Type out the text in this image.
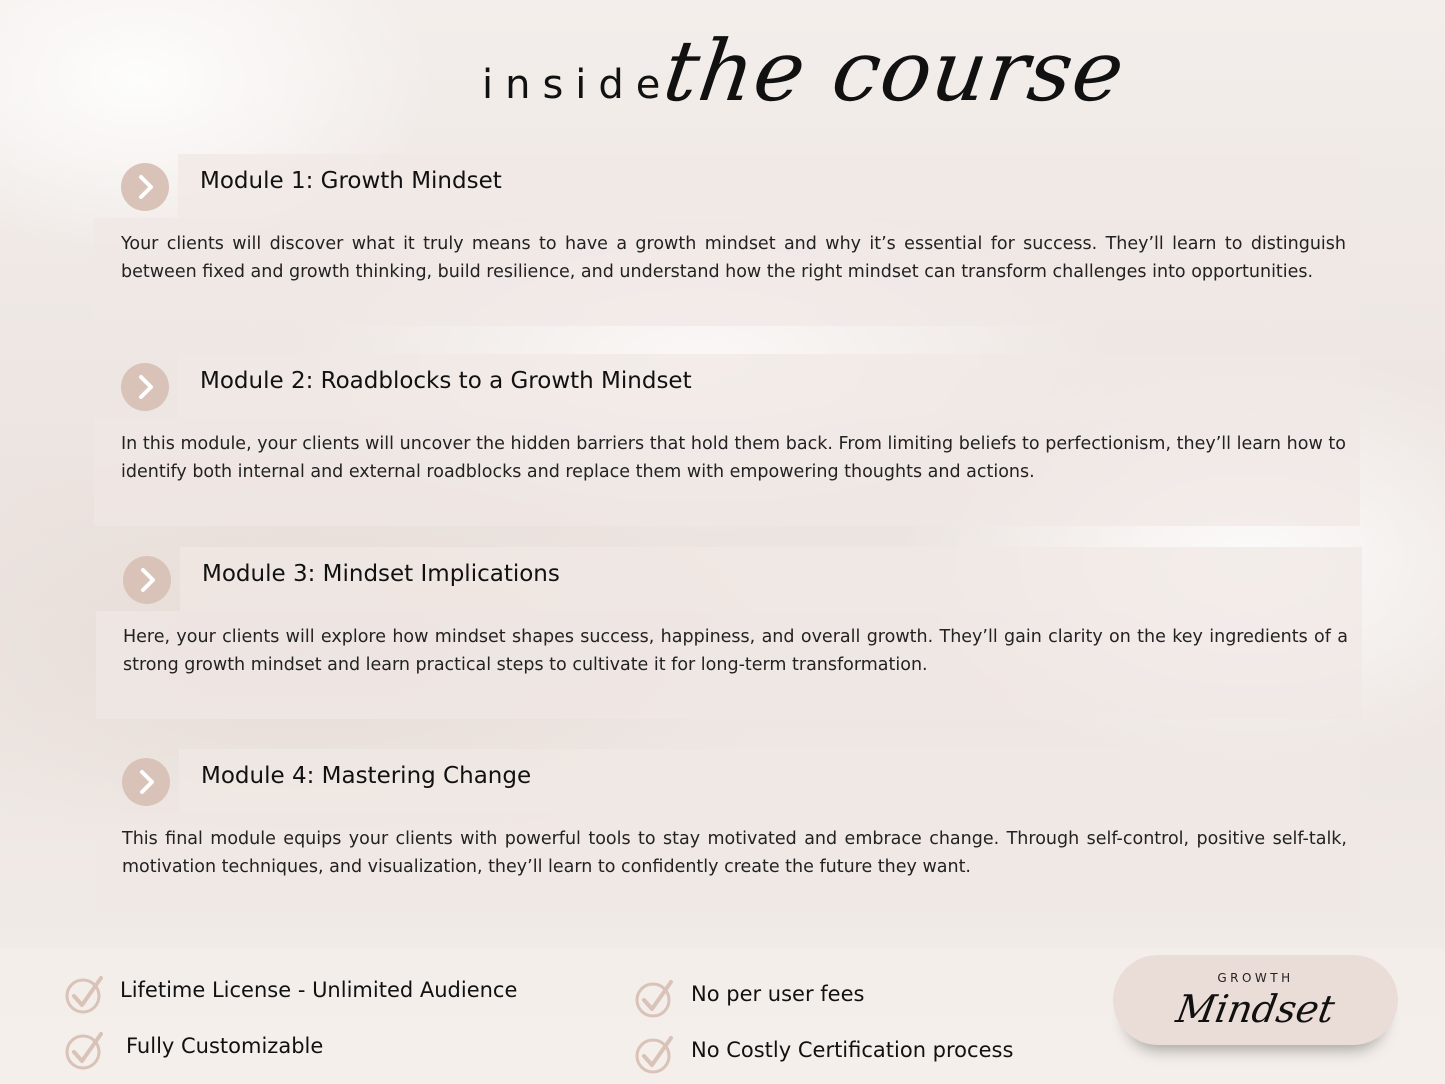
inside
the course
Your clients will discover what it truly means to have a growth mindset and why it’s essential for success. They’ll learn to distinguish between fixed and growth thinking, build resilience, and understand how the right mindset can transform challenges into opportunities.
Module 1: Growth Mindset
In this module, your clients will uncover the hidden barriers that hold them back. From limiting beliefs to perfectionism, they’ll learn how to identify both internal and external roadblocks and replace them with empowering thoughts and actions.
Module 2: Roadblocks to a Growth Mindset
Here, your clients will explore how mindset shapes success, happiness, and overall growth. They’ll gain clarity on the key ingredients of a strong growth mindset and learn practical steps to cultivate it for long-term transformation.
Module 3: Mindset Implications
This final module equips your clients with powerful tools to stay motivated and embrace change. Through self-control, positive self-talk, motivation techniques, and visualization, they’ll learn to confidently create the future they want.
Module 4: Mastering Change
Lifetime License - Unlimited Audience
Fully Customizable
No per user fees
No Costly Certification process
GROWTH
Mindset
